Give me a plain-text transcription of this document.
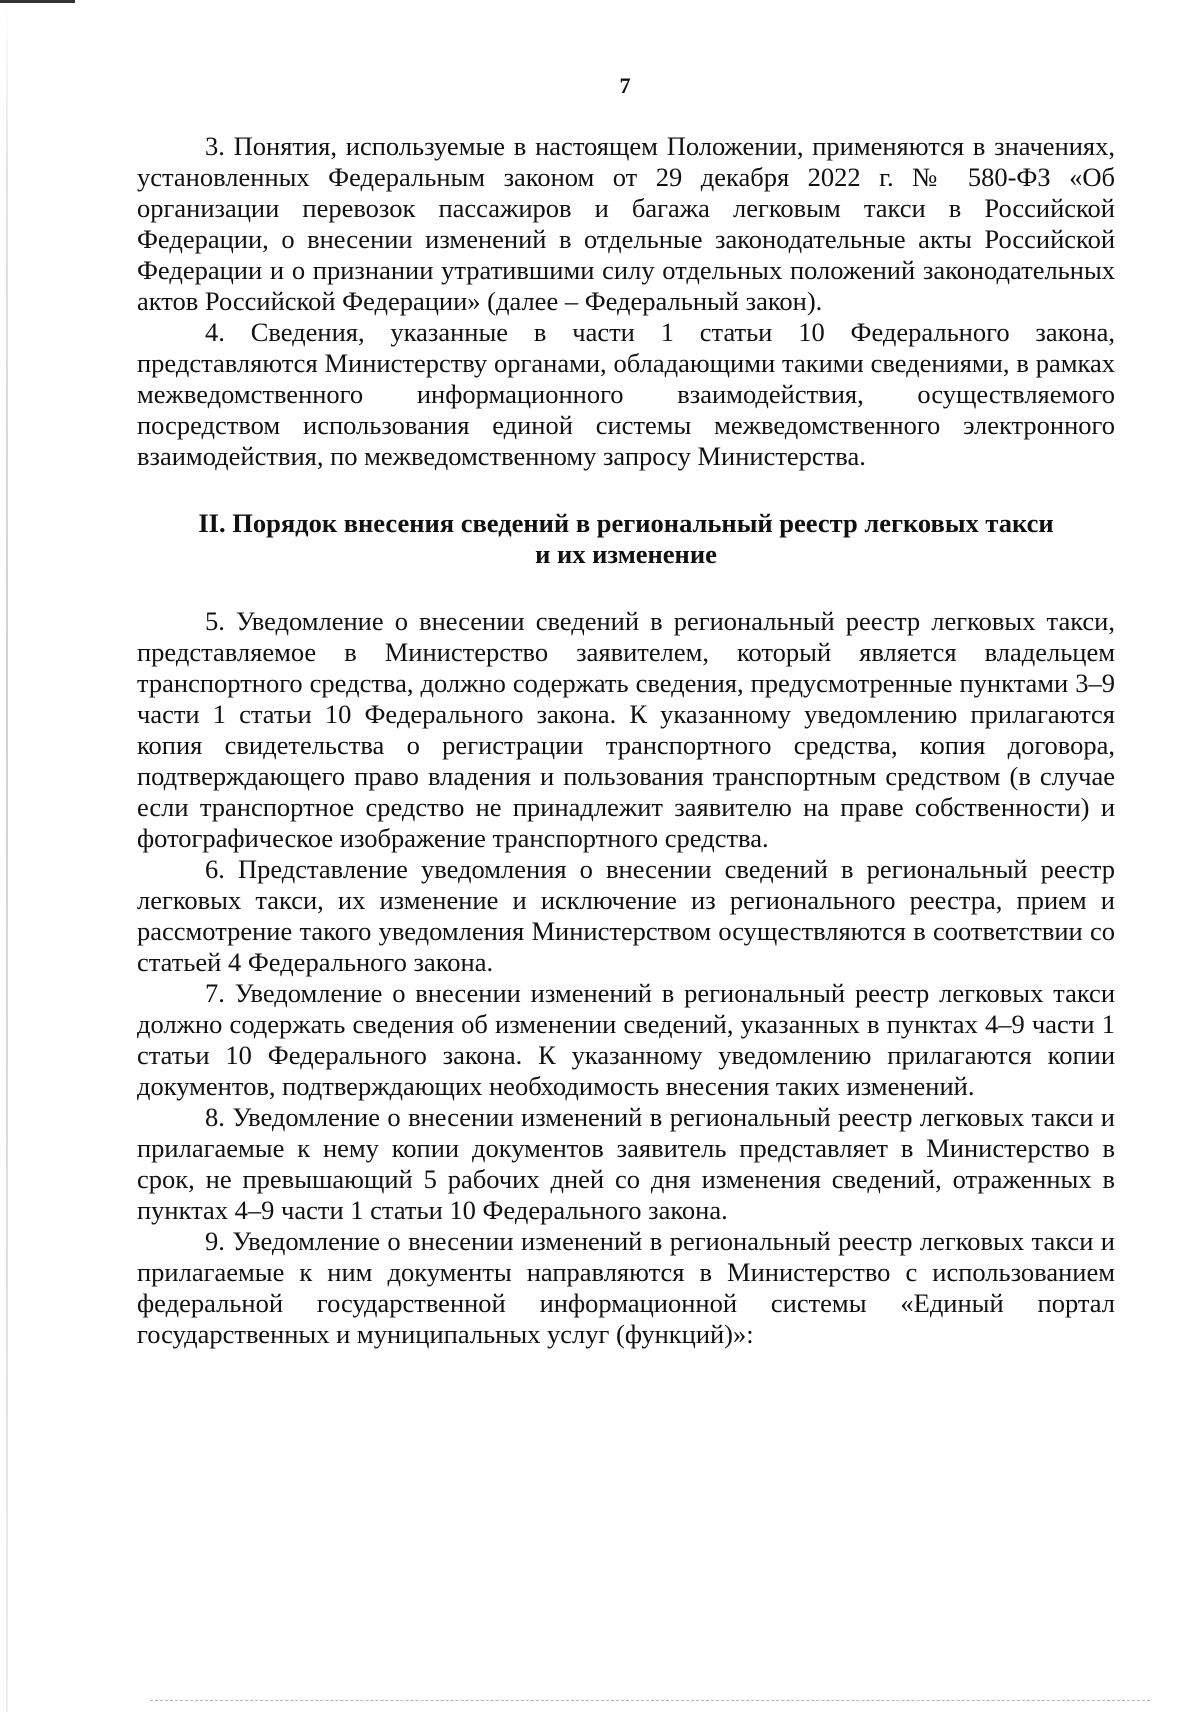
7

3. Понятия, используемые в настоящем Положении, применяются в значениях, установленных Федеральным законом от 29 декабря 2022 г. № 580-ФЗ «Об организации перевозок пассажиров и багажа легковым такси в Российской Федерации, о внесении изменений в отдельные законодательные акты Российской Федерации и о признании утратившими силу отдельных положений законодательных актов Российской Федерации» (далее – Федеральный закон).

4. Сведения, указанные в части 1 статьи 10 Федерального закона, представляются Министерству органами, обладающими такими сведениями, в рамках межведомственного информационного взаимодействия, осуществляемого посредством использования единой системы межведомственного электронного взаимодействия, по межведомственному запросу Министерства.

II. Порядок внесения сведений в региональный реестр легковых такси
и их изменение

5. Уведомление о внесении сведений в региональный реестр легковых такси, представляемое в Министерство заявителем, который является владельцем транспортного средства, должно содержать сведения, предусмотренные пунктами 3–9 части 1 статьи 10 Федерального закона. К указанному уведомлению прилагаются копия свидетельства о регистрации транспортного средства, копия договора, подтверждающего право владения и пользования транспортным средством (в случае если транспортное средство не принадлежит заявителю на праве собственности) и фотографическое изображение транспортного средства.

6. Представление уведомления о внесении сведений в региональный реестр легковых такси, их изменение и исключение из регионального реестра, прием и рассмотрение такого уведомления Министерством осуществляются в соответствии со статьей 4 Федерального закона.

7. Уведомление о внесении изменений в региональный реестр легковых такси должно содержать сведения об изменении сведений, указанных в пунктах 4–9 части 1 статьи 10 Федерального закона. К указанному уведомлению прилагаются копии документов, подтверждающих необходимость внесения таких изменений.

8. Уведомление о внесении изменений в региональный реестр легковых такси и прилагаемые к нему копии документов заявитель представляет в Министерство в срок, не превышающий 5 рабочих дней со дня изменения сведений, отраженных в пунктах 4–9 части 1 статьи 10 Федерального закона.

9. Уведомление о внесении изменений в региональный реестр легковых такси и прилагаемые к ним документы направляются в Министерство с использованием федеральной государственной информационной системы «Единый портал государственных и муниципальных услуг (функций)»:
